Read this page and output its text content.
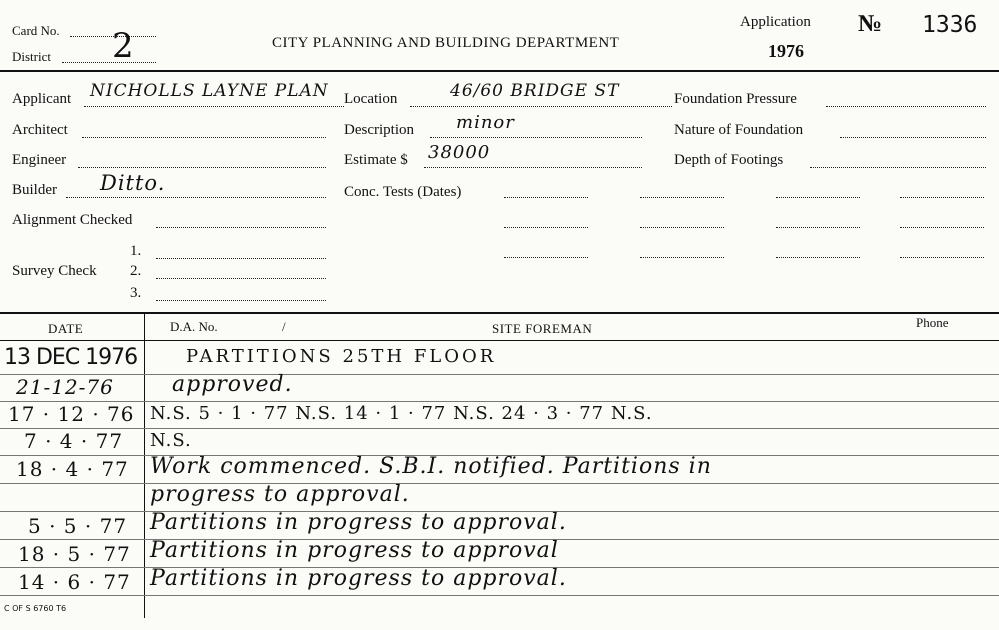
Card No.
District 2	CITY PLANNING AND BUILDING DEPARTMENT
Application
1976
№ 1336
Applicant NICHOLLS LAYNE PLAN
Architect
Engineer
Builder Ditto.
Alignment Checked
Survey Check
1.
2.
3.
Location	46/60 BRIDGE ST
Description minor
Estimate $ 38000
Conc. Tests (Dates)
Foundation Pressure
Nature of Foundation
Depth of Footings
DATE	D.A. No.	/	SITE FOREMAN	Phone
13 DEC 1976	PARTITIONS 25TH FLOOR
21-12-76	approved.
17 · 12 · 76 N.S. 5 · 1 · 77 N.S. 14 · 1 · 77 N.S. 24 · 3 · 77 N.S.
7 · 4 · 77 N.S.
18 · 4 · 77 Work commenced. S.B.I. notified. Partitions in
progress to approval.
5 · 5 · 77 Partitions in progress to approval.
18 · 5 · 77 Partitions in progress to approval
14 · 6 · 77 Partitions in progress to approval.
C OF S 6760 T6
